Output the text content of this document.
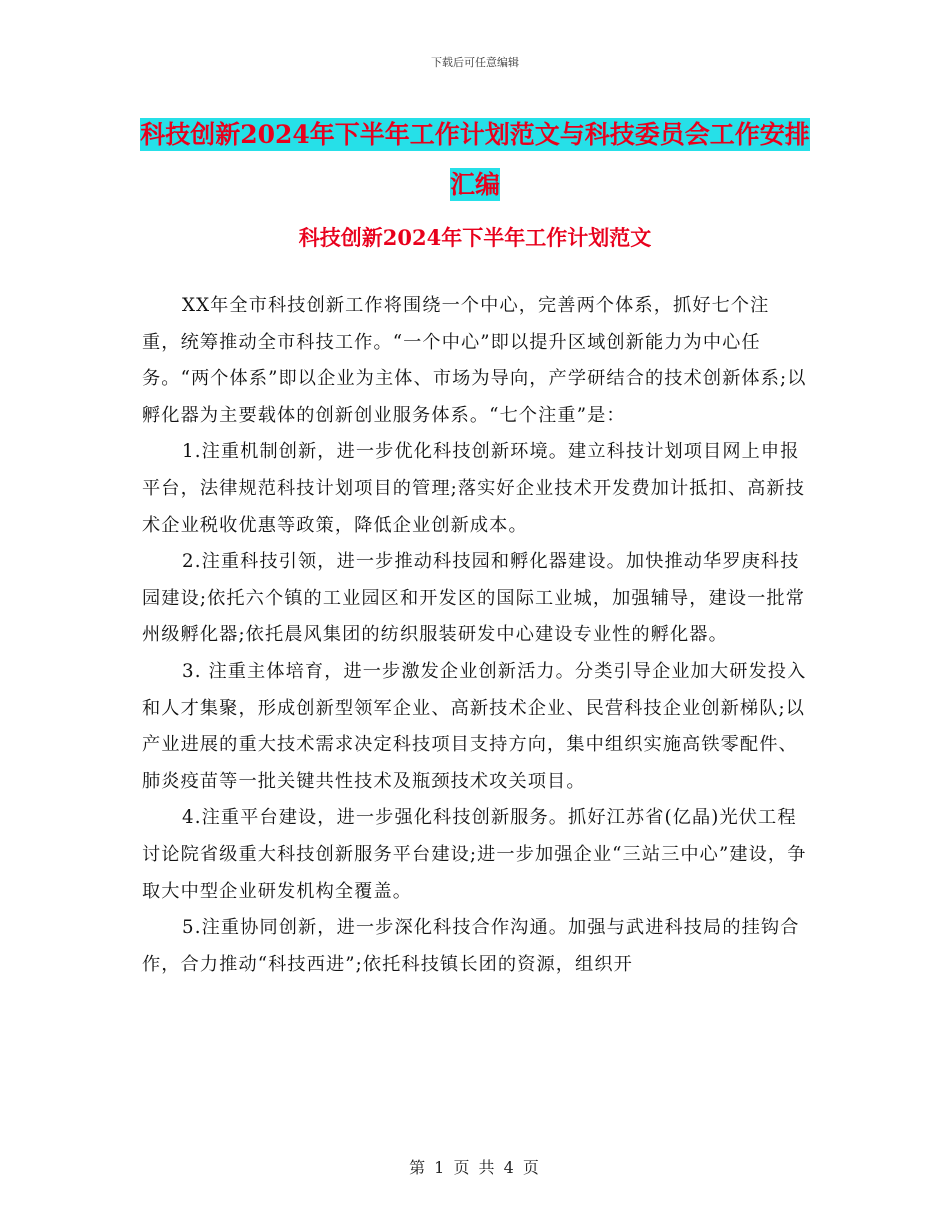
下载后可任意编辑
科技创新2024年下半年工作计划范文与科技委员会工作安排汇编
科技创新2024年下半年工作计划范文

XX年全市科技创新工作将围绕一个中心，完善两个体系，抓好七个注重，统筹推动全市科技工作。“一个中心”即以提升区域创新能力为中心任务。“两个体系”即以企业为主体、市场为导向，产学研结合的技术创新体系;以孵化器为主要载体的创新创业服务体系。“七个注重”是：

1.注重机制创新，进一步优化科技创新环境。建立科技计划项目网上申报平台，法律规范科技计划项目的管理;落实好企业技术开发费加计抵扣、高新技术企业税收优惠等政策，降低企业创新成本。

2.注重科技引领，进一步推动科技园和孵化器建设。加快推动华罗庚科技园建设;依托六个镇的工业园区和开发区的国际工业城，加强辅导，建设一批常州级孵化器;依托晨风集团的纺织服装研发中心建设专业性的孵化器。

3. 注重主体培育，进一步激发企业创新活力。分类引导企业加大研发投入和人才集聚，形成创新型领军企业、高新技术企业、民营科技企业创新梯队;以产业进展的重大技术需求决定科技项目支持方向，集中组织实施高铁零配件、肺炎疫苗等一批关键共性技术及瓶颈技术攻关项目。

4.注重平台建设，进一步强化科技创新服务。抓好江苏省(亿晶)光伏工程讨论院省级重大科技创新服务平台建设;进一步加强企业“三站三中心”建设，争取大中型企业研发机构全覆盖。

5.注重协同创新，进一步深化科技合作沟通。加强与武进科技局的挂钩合作，合力推动“科技西进”;依托科技镇长团的资源，组织开

第 1 页 共 4 页
